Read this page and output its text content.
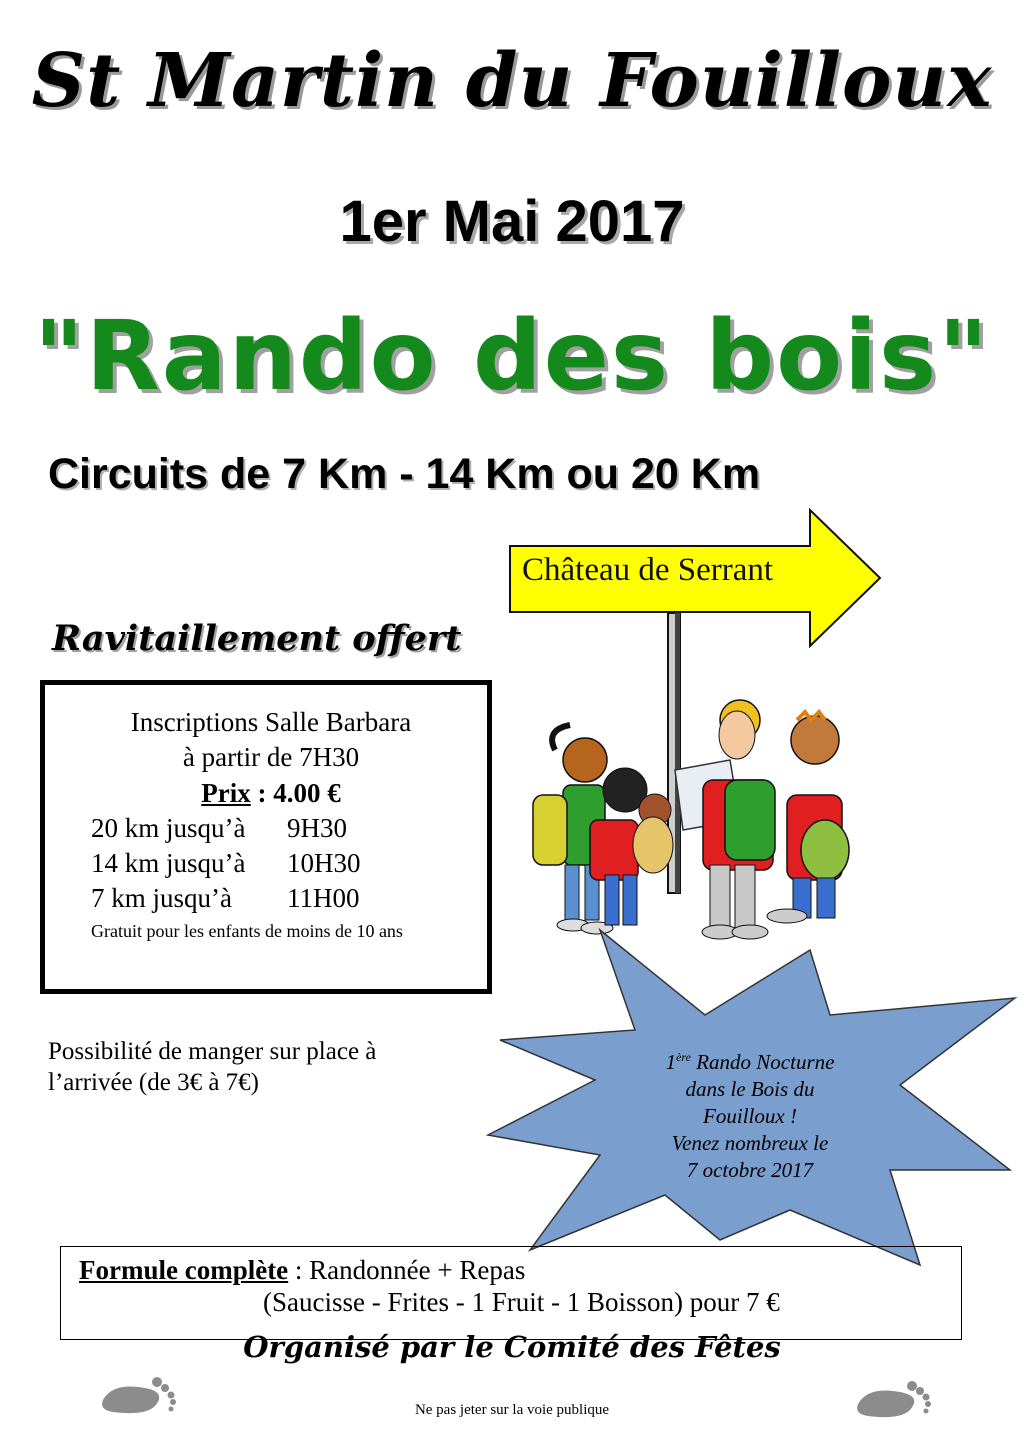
St Martin du Fouilloux
1er Mai 2017
"Rando des bois"
Circuits de 7 Km - 14 Km ou 20 Km
Château de Serrant
Ravitaillement offert
Inscriptions Salle Barbara
à partir de 7H30
Prix : 4.00 €
20 km jusqu’à 9H30
14 km jusqu’à 10H30
7 km jusqu’à 11H00
Gratuit pour les enfants de moins de 10 ans
Possibilité de manger sur place à
l’arrivée (de 3€ à 7€)
1ère Rando Nocturne
dans le Bois du
Fouilloux !
Venez nombreux le
7 octobre 2017
Formule complète : Randonnée + Repas
(Saucisse - Frites - 1 Fruit - 1 Boisson) pour 7 €
Organisé par le Comité des Fêtes
Ne pas jeter sur la voie publique
